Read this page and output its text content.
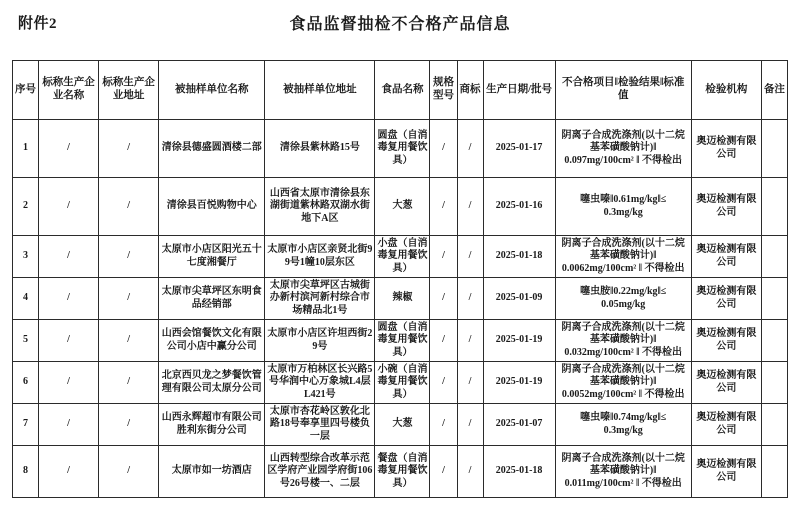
附件2	食品监督抽检不合格产品信息
序号	标称生产企业名称	标称生产企业地址	被抽样单位名称	被抽样单位地址	食品名称	规格型号	商标	生产日期/批号	不合格项目‖检验结果‖标准值	检验机构	备注
1	/	/	清徐县德盛圆酒楼二部	清徐县紫林路15号	圆盘（自消毒复用餐饮具）	/	/	2025-01-17	阴离子合成洗涤剂(以十二烷基苯磺酸钠计)‖
0.097mg/100cm² ‖ 不得检出	奥迈检测有限公司	
2	/	/	清徐县百悦购物中心	山西省太原市清徐县东湖街道紫林路双湖水街地下A区	大葱	/	/	2025-01-16	噻虫嗪‖0.61mg/kg‖≤
0.3mg/kg	奥迈检测有限公司	
3	/	/	太原市小店区阳光五十七度湘餐厅	太原市小店区亲贤北街99号1幢10层东区	小盘（自消毒复用餐饮具）	/	/	2025-01-18	阴离子合成洗涤剂(以十二烷基苯磺酸钠计)‖
0.0062mg/100cm² ‖ 不得检出	奥迈检测有限公司	
4	/	/	太原市尖草坪区东明食品经销部	太原市尖草坪区古城街办新村滨河新村综合市场精品北1号	辣椒	/	/	2025-01-09	噻虫胺‖0.22mg/kg‖≤
0.05mg/kg	奥迈检测有限公司	
5	/	/	山西会馆餐饮文化有限公司小店中赢分公司	太原市小店区许坦西街29号	圆盘（自消毒复用餐饮具）	/	/	2025-01-19	阴离子合成洗涤剂(以十二烷基苯磺酸钠计)‖
0.032mg/100cm² ‖ 不得检出	奥迈检测有限公司	
6	/	/	北京西贝龙之梦餐饮管理有限公司太原分公司	太原市万柏林区长兴路5号华润中心万象城L4层L421号	小碗（自消毒复用餐饮具）	/	/	2025-01-19	阴离子合成洗涤剂(以十二烷基苯磺酸钠计)‖
0.0052mg/100cm² ‖ 不得检出	奥迈检测有限公司	
7	/	/	山西永辉超市有限公司胜利东街分公司	太原市杏花岭区敦化北路18号奉享里四号楼负一层	大葱	/	/	2025-01-07	噻虫嗪‖0.74mg/kg‖≤
0.3mg/kg	奥迈检测有限公司	
8	/	/	太原市如一坊酒店	山西转型综合改革示范区学府产业园学府街106号26号楼一、二层	餐盘（自消毒复用餐饮具）	/	/	2025-01-18	阴离子合成洗涤剂(以十二烷基苯磺酸钠计)‖
0.011mg/100cm² ‖ 不得检出	奥迈检测有限公司	
